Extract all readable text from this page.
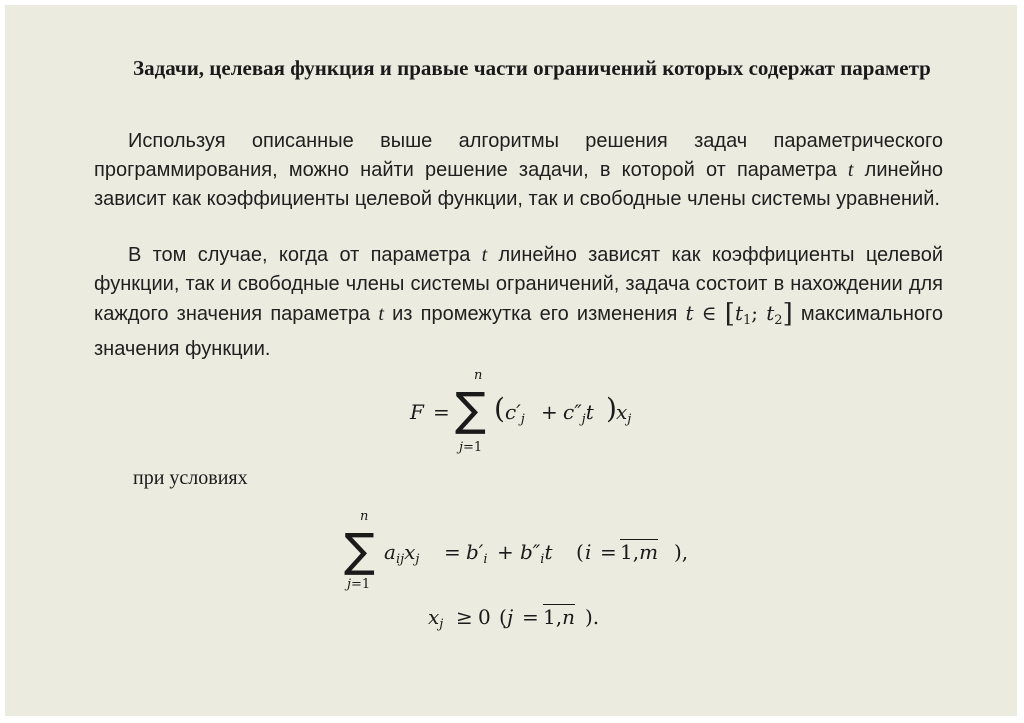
Задачи, целевая функция и правые части ограничений которых содержат параметр
Используя описанные выше алгоритмы решения задач параметрического программирования, можно найти решение задачи, в которой от параметра t линейно зависит как коэффициенты целевой функции, так и свободные члены системы уравнений.
В том случае, когда от параметра t линейно зависят как коэффициенты целевой функции, так и свободные члены системы ограничений, задача состоит в нахождении для каждого значения параметра t из промежутка его изменения t ∈ [$t_1$; $t_2$] максимального значения функции.
F =
n
∑
j=1
( $c'_j + c''_jt$ ) $x_j$
при условиях
n
∑
j=1
$a_{ij}x_j = b'_i + b''_it$ ( i = 1,m ),
$x_j \ge 0$ ( j = 1,n ).
